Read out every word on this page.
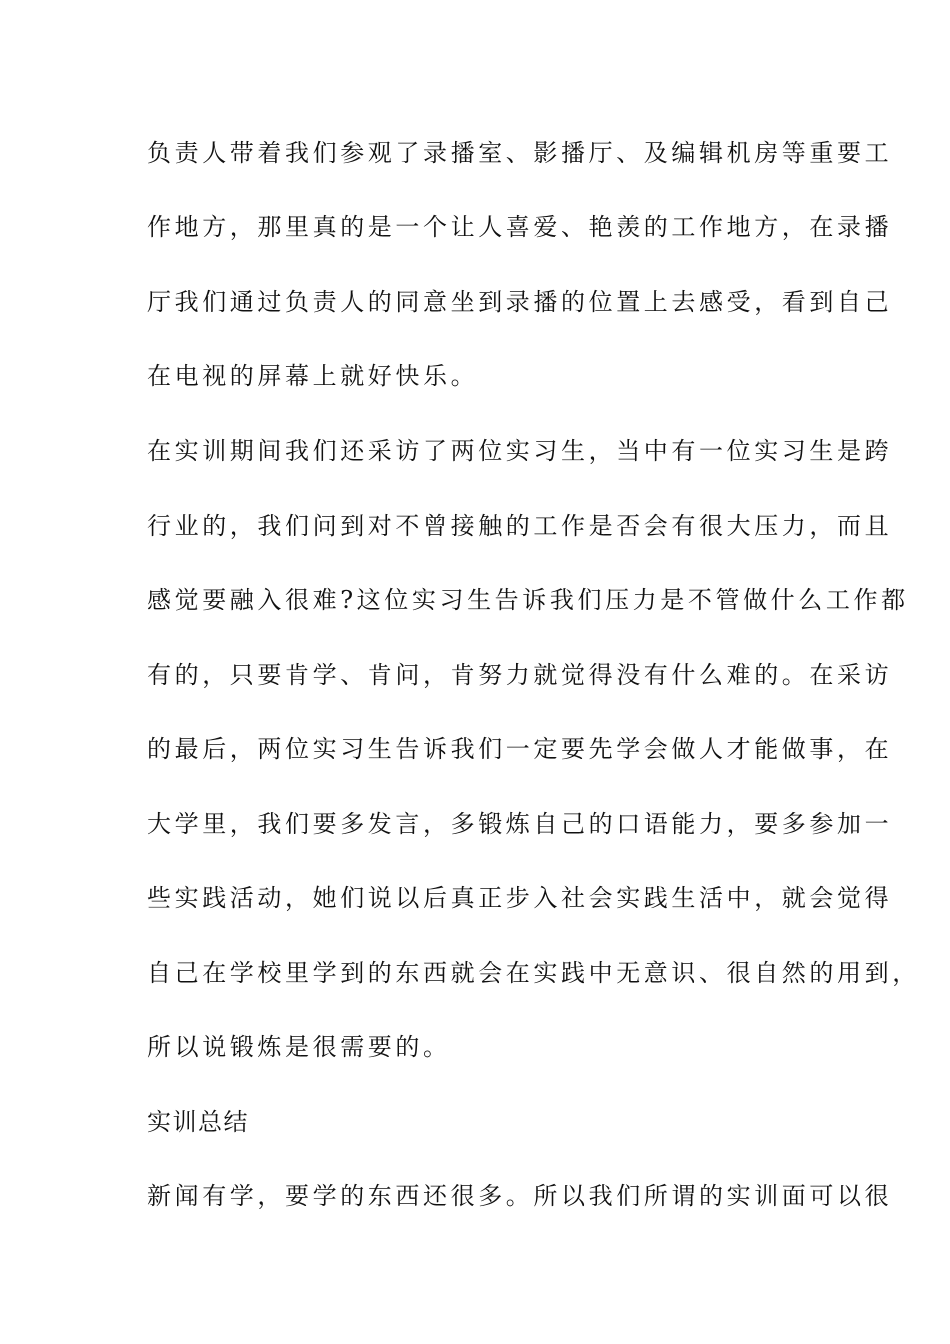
负责人带着我们参观了录播室、影播厅、及编辑机房等重要工
作地方，那里真的是一个让人喜爱、艳羡的工作地方，在录播
厅我们通过负责人的同意坐到录播的位置上去感受，看到自己
在电视的屏幕上就好快乐。
在实训期间我们还采访了两位实习生，当中有一位实习生是跨
行业的，我们问到对不曾接触的工作是否会有很大压力，而且
感觉要融入很难?这位实习生告诉我们压力是不管做什么工作都
有的，只要肯学、肯问，肯努力就觉得没有什么难的。在采访
的最后，两位实习生告诉我们一定要先学会做人才能做事，在
大学里，我们要多发言，多锻炼自己的口语能力，要多参加一
些实践活动，她们说以后真正步入社会实践生活中，就会觉得
自己在学校里学到的东西就会在实践中无意识、很自然的用到，
所以说锻炼是很需要的。
实训总结
新闻有学，要学的东西还很多。所以我们所谓的实训面可以很
